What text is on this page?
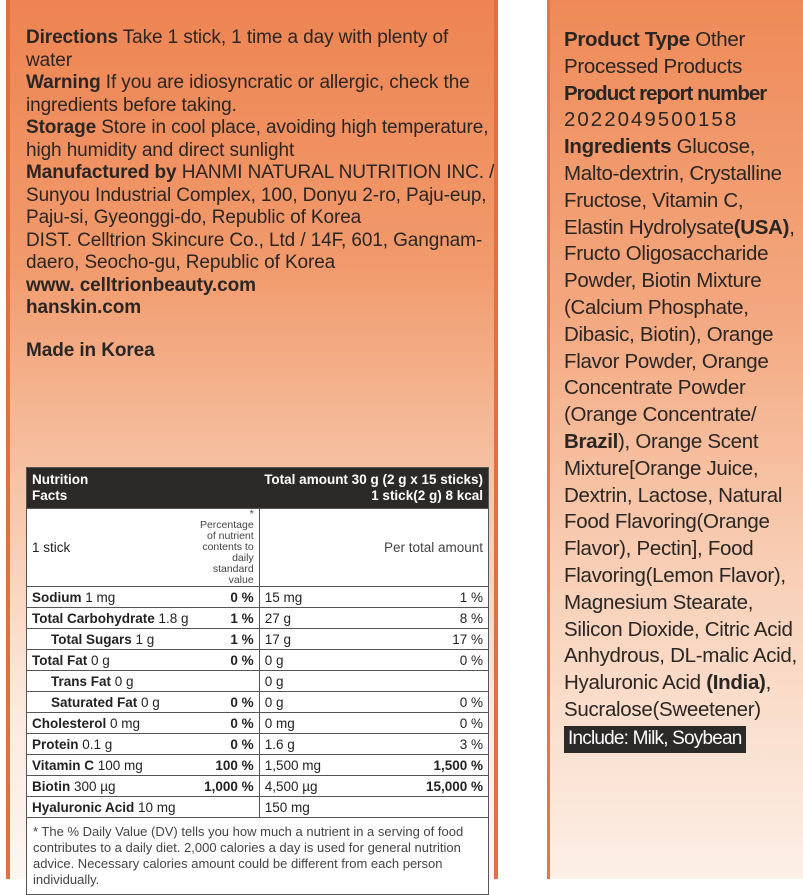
Directions Take 1 stick, 1 time a day with plenty of water

Warning If you are idiosyncratic or allergic, check the ingredients before taking.

Storage Store in cool place, avoiding high temperature, high humidity and direct sunlight

Manufactured by HANMI NATURAL NUTRITION INC. / Sunyou Industrial Complex, 100, Donyu 2-ro, Paju-eup, Paju-si, Gyeonggi-do, Republic of Korea

DIST. Celltrion Skincure Co., Ltd / 14F, 601, Gangnam-daero, Seocho-gu, Republic of Korea

www. celltrionbeauty.com

hanskin.com

Made in Korea

Nutrition
Facts		Total amount 30 g (2 g x 15 sticks)
1 stick(2 g) 8 kcal	
1 stick	* Percentage of nutrient contents to daily standard value	Per total amount	
Sodium 1 mg	0 %	15 mg	1 %
Total Carbohydrate 1.8 g	1 %	27 g	8 %
Total Sugars 1 g	1 %	17 g	17 %
Total Fat 0 g	0 %	0 g	0 %
Trans Fat 0 g		0 g	
Saturated Fat 0 g	0 %	0 g	0 %
Cholesterol 0 mg	0 %	0 mg	0 %
Protein 0.1 g	0 %	1.6 g	3 %
Vitamin C 100 mg	100 %	1,500 mg	1,500 %
Biotin 300 µg	1,000 %	4,500 µg	15,000 %
Hyaluronic Acid 10 mg		150 mg	
* The % Daily Value (DV) tells you how much a nutrient in a serving of food contributes to a daily diet. 2,000 calories a day is used for general nutrition advice. Necessary calories amount could be different from each person individually.			

Product Type Other Processed Products

Product report number

2022049500158

Ingredients Glucose, Malto-dextrin, Crystalline Fructose, Vitamin C, Elastin Hydrolysate(USA), Fructo Oligosaccharide Powder, Biotin Mixture (Calcium Phosphate, Dibasic, Biotin), Orange Flavor Powder, Orange Concentrate Powder (Orange Concentrate/ Brazil), Orange Scent Mixture[Orange Juice, Dextrin, Lactose, Natural Food Flavoring(Orange Flavor), Pectin], Food Flavoring(Lemon Flavor), Magnesium Stearate, Silicon Dioxide, Citric Acid Anhydrous, DL-malic Acid, Hyaluronic Acid (India), Sucralose(Sweetener)

Include: Milk, Soybean
